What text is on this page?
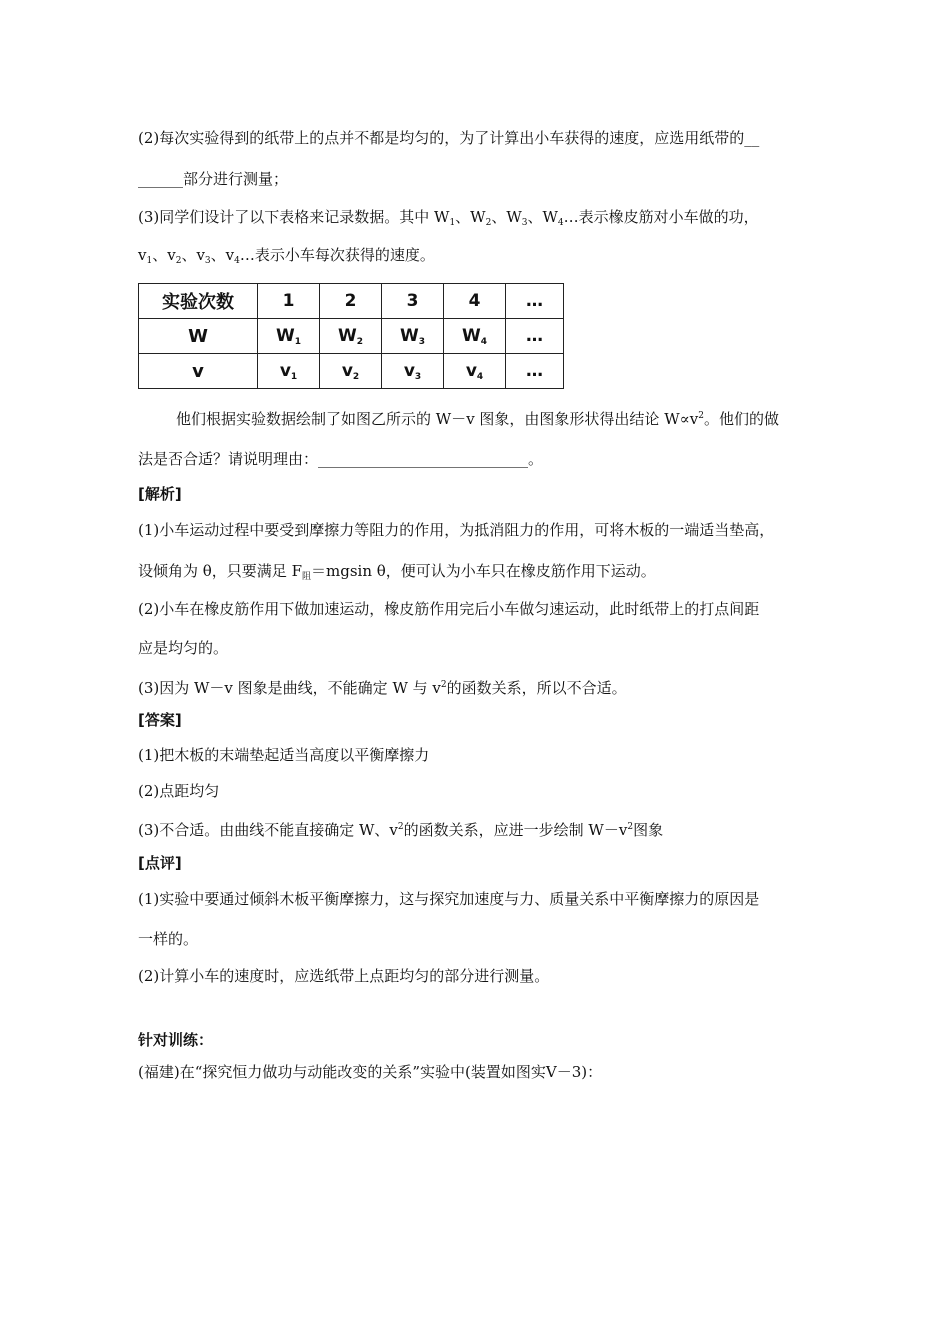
(2)每次实验得到的纸带上的点并不都是均匀的，为了计算出小车获得的速度，应选用纸带的__
______部分进行测量；
(3)同学们设计了以下表格来记录数据。其中 $W_1$、$W_2$、$W_3$、$W_4\dots$表示橡皮筋对小车做的功，
$v_1$、$v_2$、$v_3$、$v_4\dots$表示小车每次获得的速度。
实验次数	1	2	3	4	…
W	$W_1$	$W_2$	$W_3$	$W_4$	…
v	$v_1$	$v_2$	$v_3$	$v_4$	…
他们根据实验数据绘制了如图乙所示的 W－v 图象，由图象形状得出结论 $W\propto v^2$。他们的做
法是否合适？请说明理由：____________________________。
[解析]
(1)小车运动过程中要受到摩擦力等阻力的作用，为抵消阻力的作用，可将木板的一端适当垫高，
设倾角为 θ，只要满足 $F_阻=mgsin$ θ，便可认为小车只在橡皮筋作用下运动。
(2)小车在橡皮筋作用下做加速运动，橡皮筋作用完后小车做匀速运动，此时纸带上的打点间距
应是均匀的。
(3)因为 W－v 图象是曲线，不能确定 W 与 $v^2$的函数关系，所以不合适。
[答案]
(1)把木板的末端垫起适当高度以平衡摩擦力
(2)点距均匀
(3)不合适。由曲线不能直接确定 W、$v^2$的函数关系，应进一步绘制 $W-v^2$图象
[点评]
(1)实验中要通过倾斜木板平衡摩擦力，这与探究加速度与力、质量关系中平衡摩擦力的原因是
一样的。
(2)计算小车的速度时，应选纸带上点距均匀的部分进行测量。
针对训练：
(福建)在“探究恒力做功与动能改变的关系”实验中(装置如图实Ⅴ－3)：
